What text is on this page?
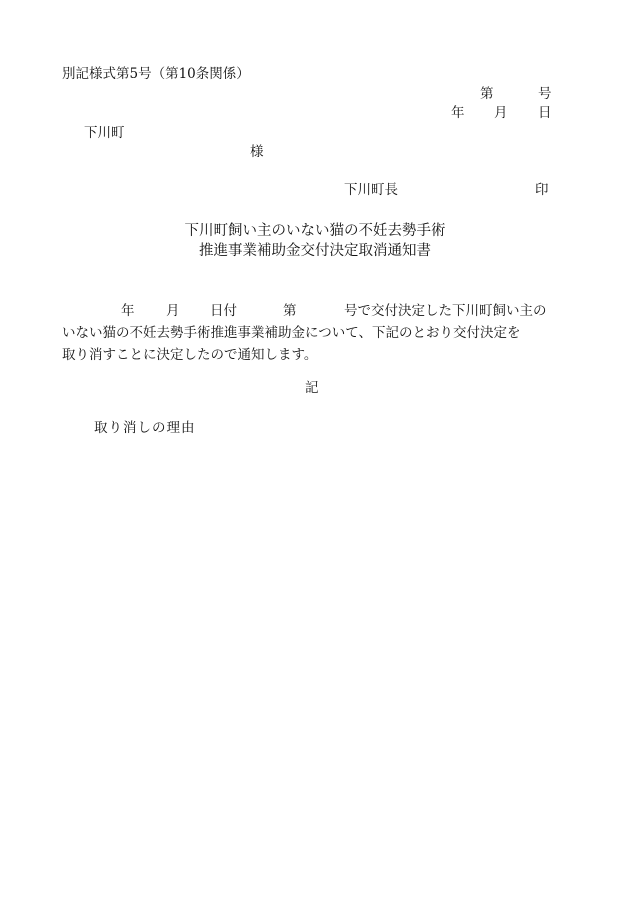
別記様式第5号（第10条関係）
第	号
年 月 日
下川町
様
下川町長	印
下川町飼い主のいない猫の不妊去勢手術
推進事業補助金交付決定取消通知書
年 月 日付	第	号で交付決定した下川町飼い主の
いない猫の不妊去勢手術推進事業補助金について、下記のとおり交付決定を
取り消すことに決定したので通知します。
記
取り消しの理由
